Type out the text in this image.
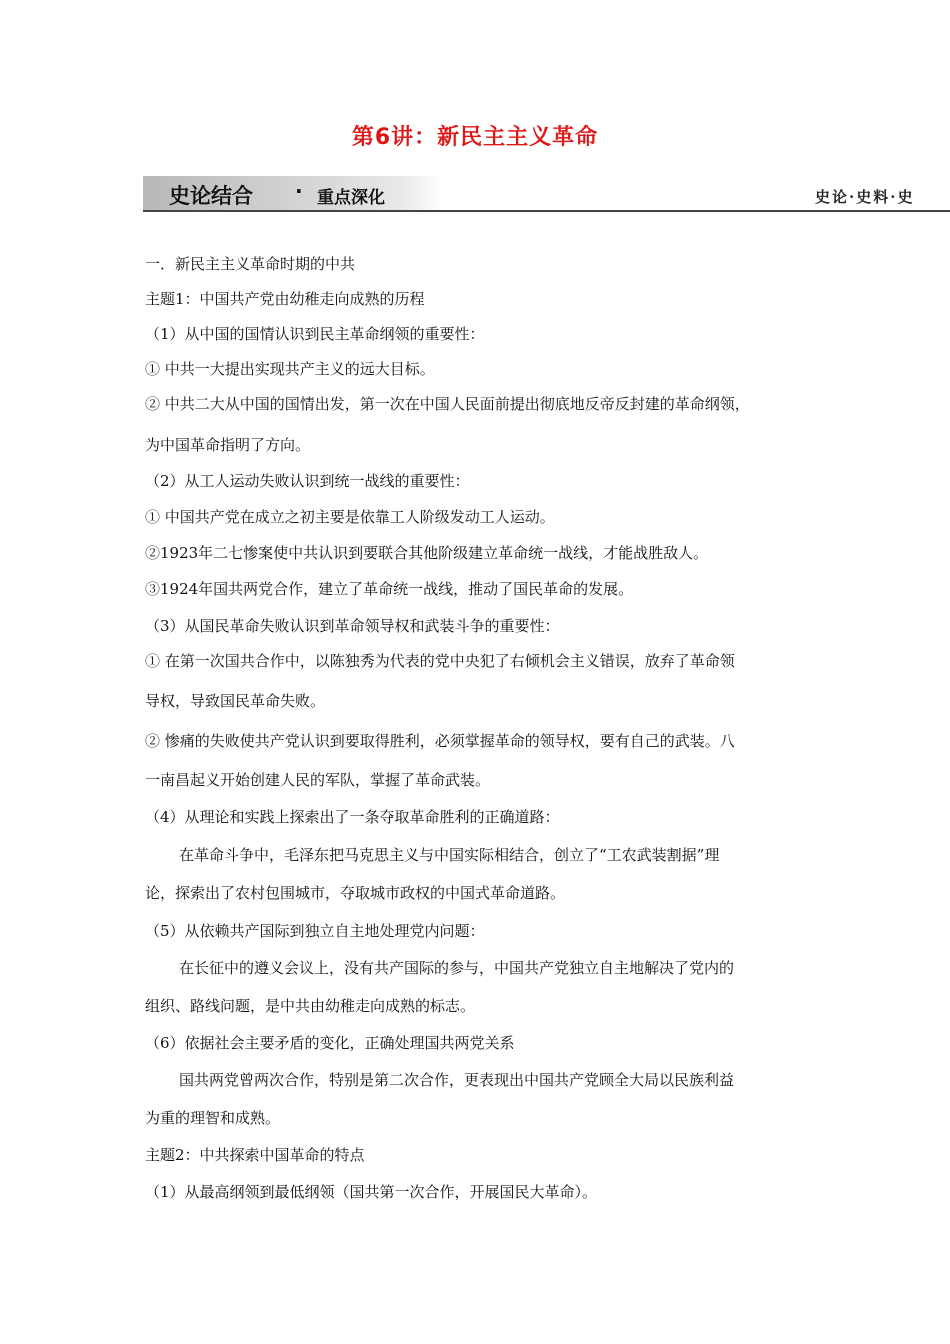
第6讲：新民主主义革命
史论结合 · 重点深化	史论·史料·史
一．新民主主义革命时期的中共
主题1：中国共产党由幼稚走向成熟的历程
（1）从中国的国情认识到民主革命纲领的重要性：
① 中共一大提出实现共产主义的远大目标。
② 中共二大从中国的国情出发，第一次在中国人民面前提出彻底地反帝反封建的革命纲领，
为中国革命指明了方向。
（2）从工人运动失败认识到统一战线的重要性：
① 中国共产党在成立之初主要是依靠工人阶级发动工人运动。
②1923年二七惨案使中共认识到要联合其他阶级建立革命统一战线，才能战胜敌人。
③1924年国共两党合作，建立了革命统一战线，推动了国民革命的发展。
（3）从国民革命失败认识到革命领导权和武装斗争的重要性：
① 在第一次国共合作中，以陈独秀为代表的党中央犯了右倾机会主义错误，放弃了革命领
导权，导致国民革命失败。
② 惨痛的失败使共产党认识到要取得胜利，必须掌握革命的领导权，要有自己的武装。八
一南昌起义开始创建人民的军队，掌握了革命武装。
（4）从理论和实践上探索出了一条夺取革命胜利的正确道路：
在革命斗争中，毛泽东把马克思主义与中国实际相结合，创立了“工农武装割据”理
论，探索出了农村包围城市，夺取城市政权的中国式革命道路。
（5）从依赖共产国际到独立自主地处理党内问题：
在长征中的遵义会议上，没有共产国际的参与，中国共产党独立自主地解决了党内的
组织、路线问题，是中共由幼稚走向成熟的标志。
（6）依据社会主要矛盾的变化，正确处理国共两党关系
国共两党曾两次合作，特别是第二次合作，更表现出中国共产党顾全大局以民族利益
为重的理智和成熟。
主题2：中共探索中国革命的特点
（1）从最高纲领到最低纲领（国共第一次合作，开展国民大革命）。
